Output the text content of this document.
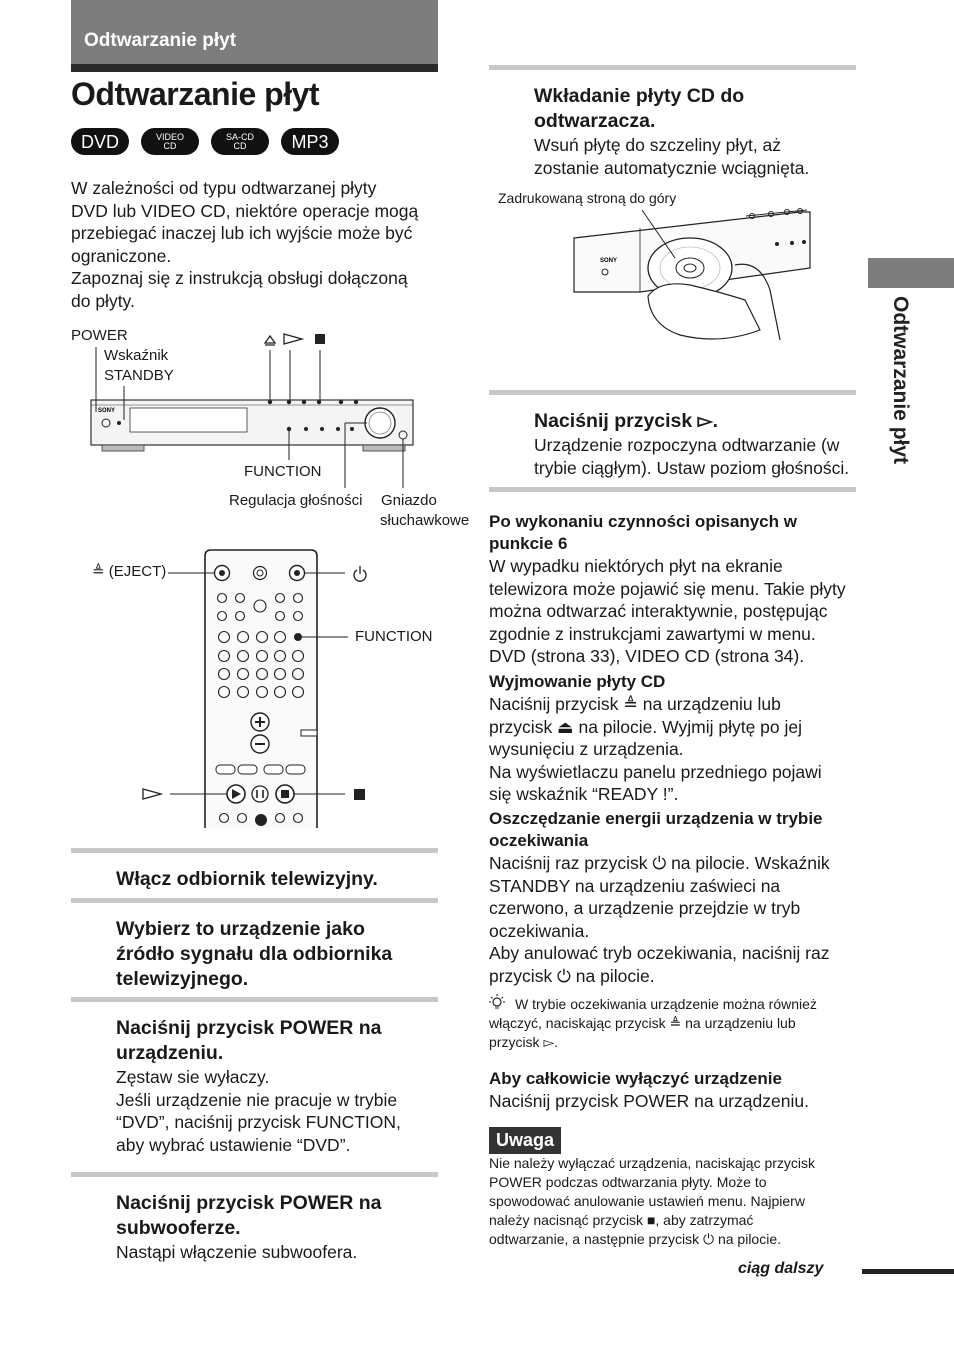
Odtwarzanie płyt
Odtwarzanie płyt
DVD	VIDEO
CD
SA-CD
CD	MP3
W zależności od typu odtwarzanej płyty
DVD lub VIDEO CD, niektóre operacje mogą
przebiegać inaczej lub ich wyjście może być
ograniczone.
Zapoznaj się z instrukcją obsługi dołączoną
do płyty.
POWER
Wskaźnik
STANDBY
FUNCTION
Regulacja głośności Gniazdo
słuchawkowe
SONY
≜ (EJECT)
FUNCTION
Włącz odbiornik telewizyjny.
Wybierz to urządzenie jako
źródło sygnału dla odbiornika
telewizyjnego.
Naciśnij przycisk POWER na
urządzeniu.
Zęstaw sie wyłaczy.
Jeśli urządzenie nie pracuje w trybie
“DVD”, naciśnij przycisk FUNCTION,
aby wybrać ustawienie “DVD”.
Naciśnij przycisk POWER na
subwooferze.
Nastąpi włączenie subwoofera.
Wkładanie płyty CD do
odtwarzacza.
Wsuń płytę do szczeliny płyt, aż
zostanie automatycznie wciągnięta.
Zadrukowaną stroną do góry
SONY
Naciśnij przycisk ▻.
Urządzenie rozpoczyna odtwarzanie (w
trybie ciągłym). Ustaw poziom głośności.
Po wykonaniu czynności opisanych w
punkcie 6
W wypadku niektórych płyt na ekranie
telewizora może pojawić się menu. Takie płyty
można odtwarzać interaktywnie, postępując
zgodnie z instrukcjami zawartymi w menu.
DVD (strona 33), VIDEO CD (strona 34).
Wyjmowanie płyty CD
Naciśnij przycisk ≜ na urządzeniu lub
przycisk ⏏ na pilocie. Wyjmij płytę po jej
wysunięciu z urządzenia.
Na wyświetlaczu panelu przedniego pojawi
się wskaźnik “READY !”.
Oszczędzanie energii urządzenia w trybie
oczekiwania
Naciśnij raz przycisk ⏻ na pilocie. Wskaźnik
STANDBY na urządzeniu zaświeci na
czerwono, a urządzenie przejdzie w tryb
oczekiwania.
Aby anulować tryb oczekiwania, naciśnij raz
przycisk ⏻ na pilocie.
W trybie oczekiwania urządzenie można również
włączyć, naciskając przycisk ≜ na urządzeniu lub
przycisk ▻.
Aby całkowicie wyłączyć urządzenie
Naciśnij przycisk POWER na urządzeniu.
Uwaga
Nie należy wyłączać urządzenia, naciskając przycisk
POWER podczas odtwarzania płyty. Może to
spowodować anulowanie ustawień menu. Najpierw
należy nacisnąć przycisk ■, aby zatrzymać
odtwarzanie, a następnie przycisk ⏻ na pilocie.
Odtwarzanie płyt
ciąg dalszy
